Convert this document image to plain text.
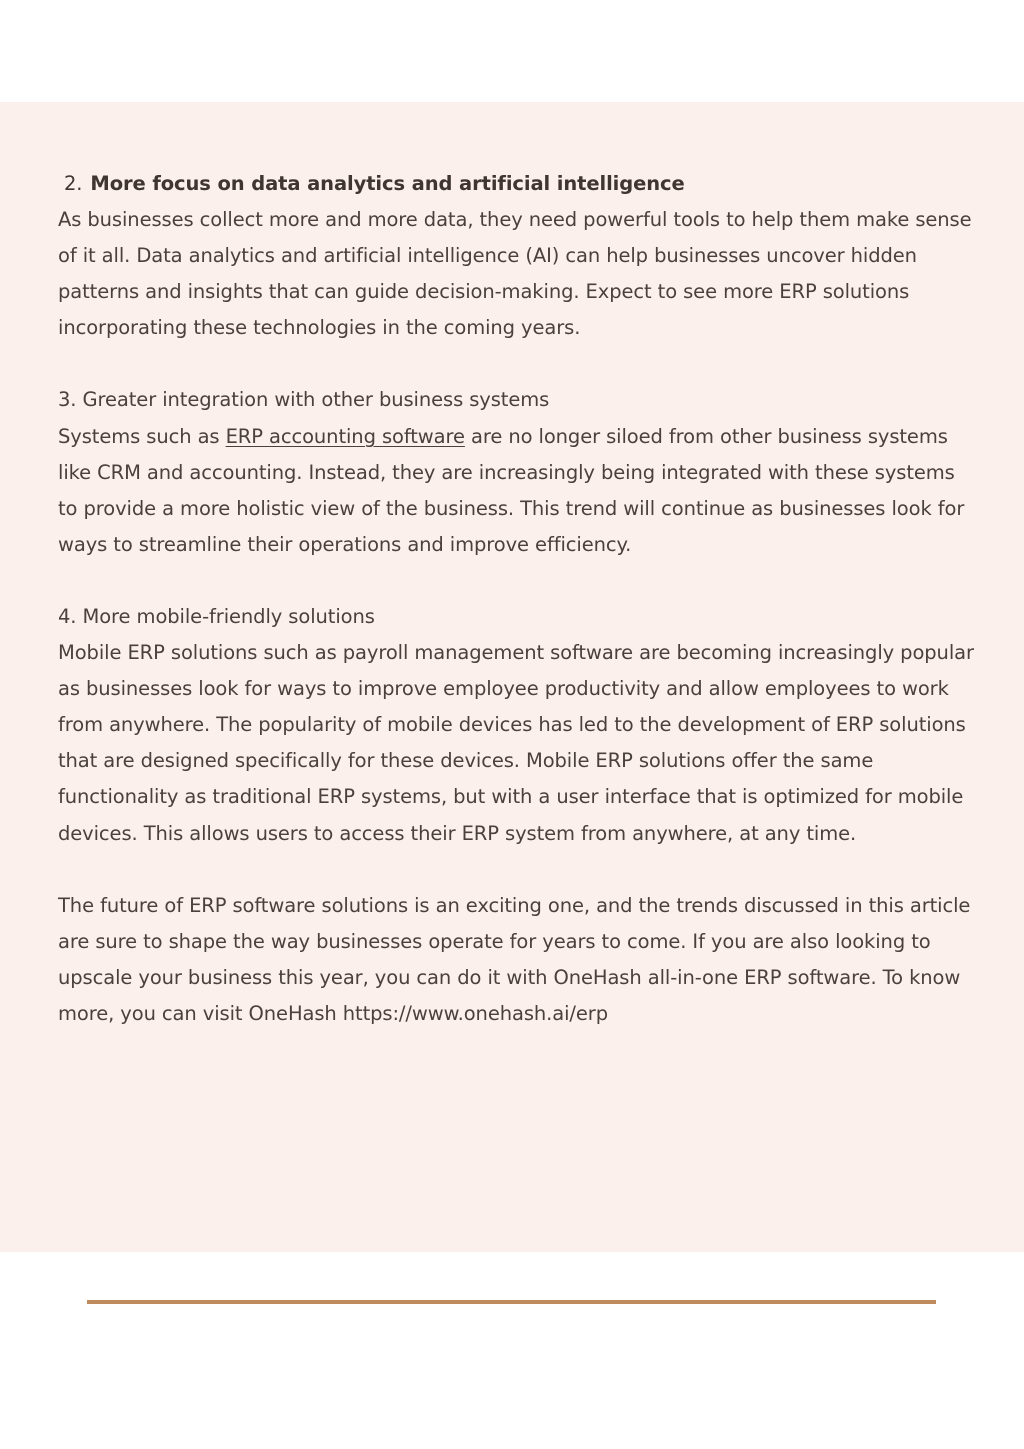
2. More focus on data analytics and artificial intelligence
As businesses collect more and more data, they need powerful tools to help them make sense of it all. Data analytics and artificial intelligence (AI) can help businesses uncover hidden patterns and insights that can guide decision-making. Expect to see more ERP solutions incorporating these technologies in the coming years.
3. Greater integration with other business systems
Systems such as ERP accounting software are no longer siloed from other business systems like CRM and accounting. Instead, they are increasingly being integrated with these systems to provide a more holistic view of the business. This trend will continue as businesses look for ways to streamline their operations and improve efficiency.
4. More mobile-friendly solutions
Mobile ERP solutions such as payroll management software are becoming increasingly popular as businesses look for ways to improve employee productivity and allow employees to work from anywhere. The popularity of mobile devices has led to the development of ERP solutions that are designed specifically for these devices. Mobile ERP solutions offer the same functionality as traditional ERP systems, but with a user interface that is optimized for mobile devices. This allows users to access their ERP system from anywhere, at any time.
The future of ERP software solutions is an exciting one, and the trends discussed in this article are sure to shape the way businesses operate for years to come. If you are also looking to upscale your business this year, you can do it with OneHash all-in-one ERP software. To know more, you can visit OneHash https://www.onehash.ai/erp
